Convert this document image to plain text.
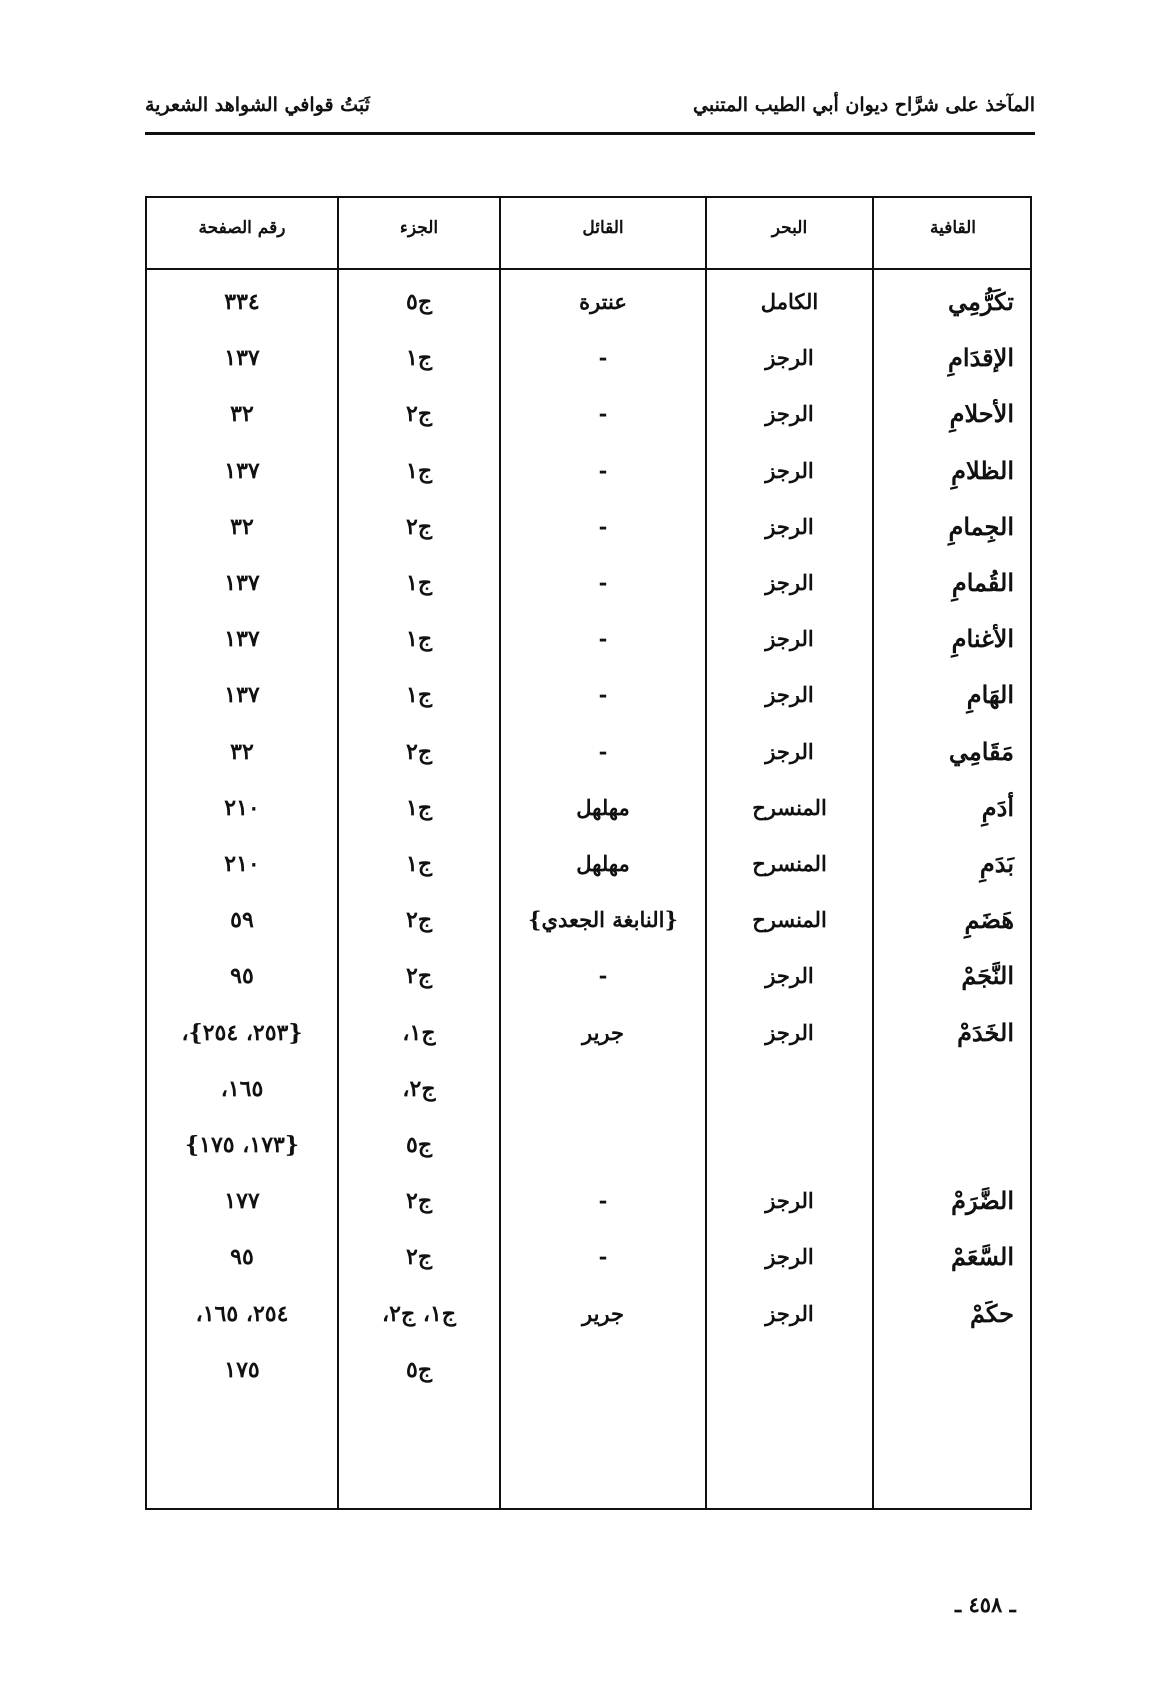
المآخذ على شرَّاح ديوان أبي الطيب المتنبي
ثَبَتُ قوافي الشواهد الشعرية
القافية
البحر
القائل
الجزء
رقم الصفحة
تكَرُّمِي
الكامل
عنترة
ج٥
٣٣٤
الإقدَامِ
الرجز
-
ج١
١٣٧
الأحلامِ
الرجز
-
ج٢
٣٢
الظلامِ
الرجز
-
ج١
١٣٧
الجِمامِ
الرجز
-
ج٢
٣٢
القُمامِ
الرجز
-
ج١
١٣٧
الأغنامِ
الرجز
-
ج١
١٣٧
الهَامِ
الرجز
-
ج١
١٣٧
مَقَامِي
الرجز
-
ج٢
٣٢
أدَمِ
المنسرح
مهلهل
ج١
٢١٠
بَدَمِ
المنسرح
مهلهل
ج١
٢١٠
هَضَمِ
المنسرح
{النابغة الجعدي}
ج٢
٥٩
النَّجَمْ
الرجز
-
ج٢
٩٥
الخَدَمْ
الرجز
جرير
ج١،
{٢٥٣، ٢٥٤}،
ج٢،
١٦٥،
ج٥
{١٧٣، ١٧٥}
الضَّرَمْ
الرجز
-
ج٢
١٧٧
السَّعَمْ
الرجز
-
ج٢
٩٥
حكَمْ
الرجز
جرير
ج١، ج٢،
٢٥٤، ١٦٥،
ج٥
١٧٥
ـ ٤٥٨ ـ
